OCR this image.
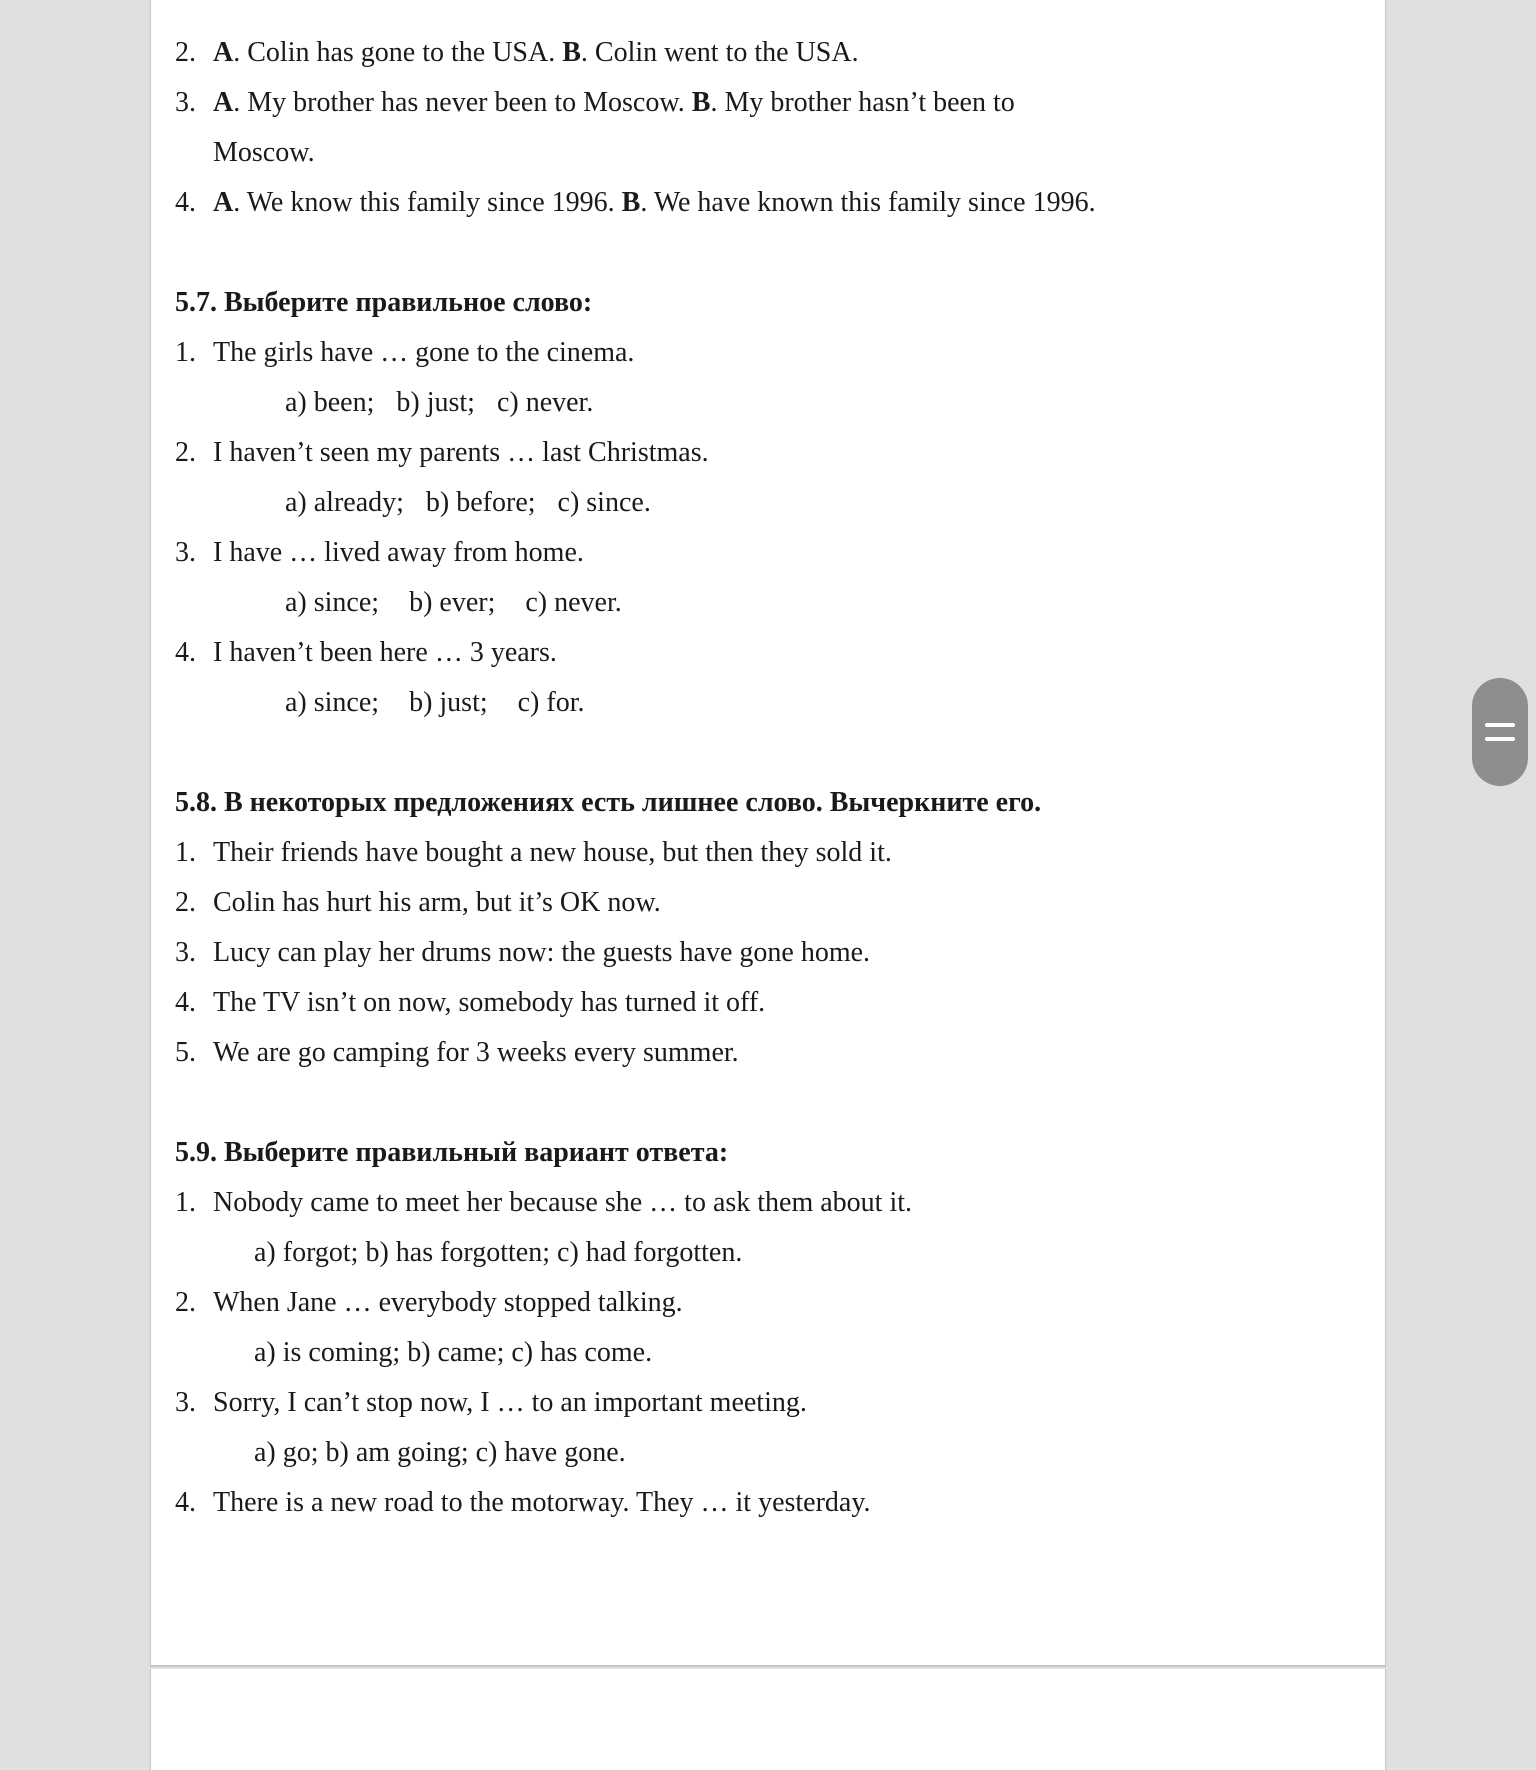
2. A. Colin has gone to the USA. B. Colin went to the USA.
3. A. My brother has never been to Moscow. B. My brother hasn’t been to
Moscow.
4. A. We know this family since 1996. B. We have known this family since 1996.
5.7. Выберите правильное слово:
1. The girls have … gone to the cinema.
a) been; b) just; c) never.
2. I haven’t seen my parents … last Christmas.
a) already; b) before; c) since.
3. I have … lived away from home.
a) since; b) ever; c) never.
4. I haven’t been here … 3 years.
a) since; b) just; c) for.
5.8. В некоторых предложениях есть лишнее слово. Вычеркните его.
1. Their friends have bought a new house, but then they sold it.
2. Colin has hurt his arm, but it’s OK now.
3. Lucy can play her drums now: the guests have gone home.
4. The TV isn’t on now, somebody has turned it off.
5. We are go camping for 3 weeks every summer.
5.9. Выберите правильный вариант ответа:
1. Nobody came to meet her because she … to ask them about it.
a) forgot; b) has forgotten; c) had forgotten.
2. When Jane … everybody stopped talking.
a) is coming; b) came; c) has come.
3. Sorry, I can’t stop now, I … to an important meeting.
a) go; b) am going; c) have gone.
4. There is a new road to the motorway. They … it yesterday.
